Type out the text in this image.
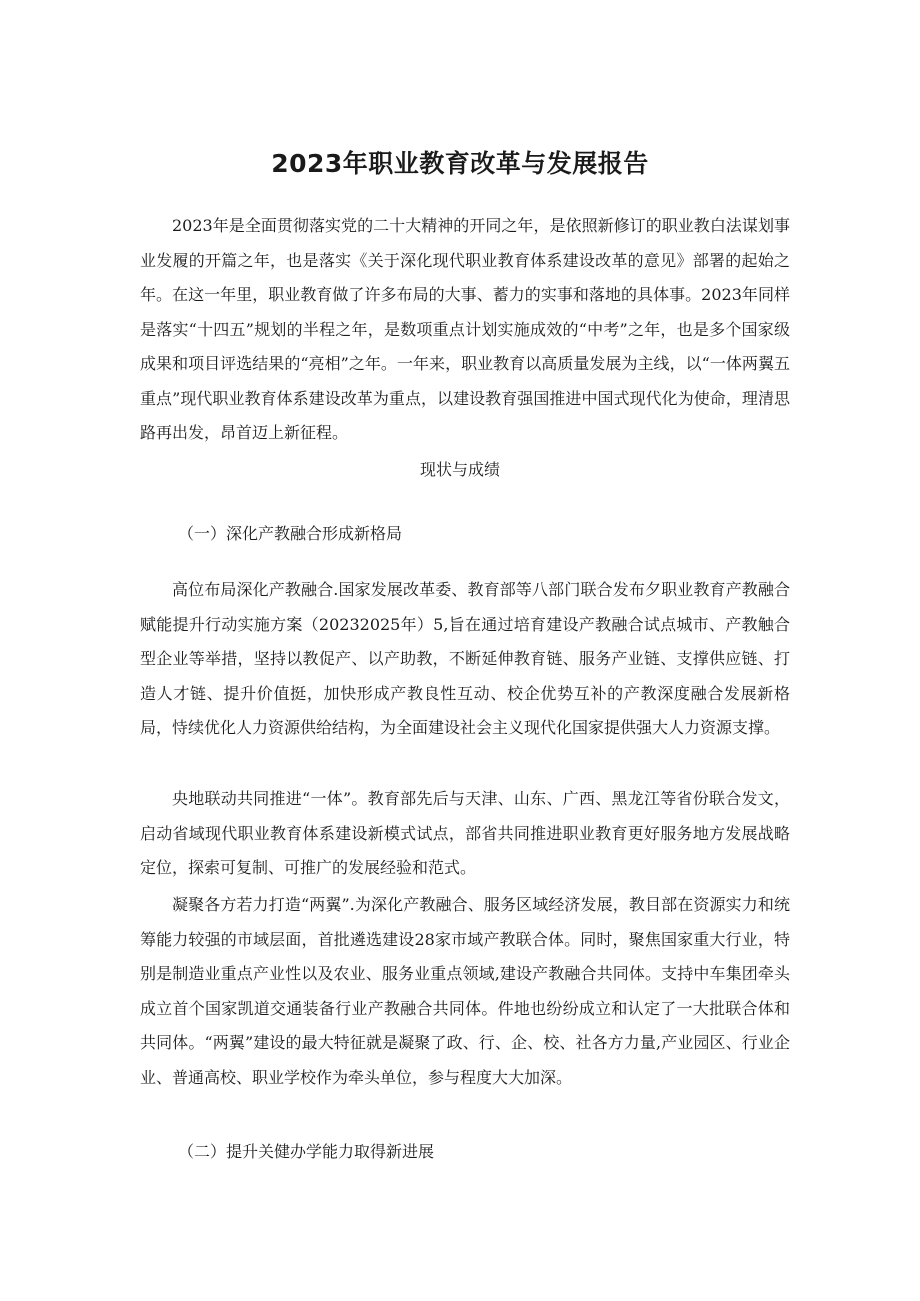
2023年职业教育改革与发展报告

2023年是全面贯彻落实党的二十大精神的开同之年，是依照新修订的职业教白法谋划事业发履的开篇之年，也是落实《关于深化现代职业教育体系建设改革的意见》部署的起始之年。在这一年里，职业教育做了许多布局的大事、蓄力的实事和落地的具体事。2023年同样是落实“十四五”规划的半程之年，是数项重点计划实施成效的“中考”之年，也是多个国家级成果和项目评选结果的“亮相”之年。一年来，职业教育以高质量发展为主线，以“一体两翼五重点”现代职业教育体系建设改革为重点，以建设教育强国推进中国式现代化为使命，理清思路再出发，昂首迈上新征程。

现状与成绩
（一）深化产教融合形成新格局

高位布局深化产教融合.国家发展改革委、教育部等八部门联合发布夕职业教育产教融合赋能提升行动实施方案（20232025年）5,旨在通过培育建设产教融合试点城市、产教触合型企业等举措，坚持以教促产、以产助教，不断延伸教育链、服务产业链、支撑供应链、打造人才链、提升价值挺，加快形成产教良性互动、校企优势互补的产教深度融合发展新格局，恃续优化人力资源供给结构，为全面建设社会主义现代化国家提供强大人力资源支撑。

央地联动共同推进“一体”。教育部先后与天津、山东、广西、黑龙江等省份联合发文，启动省域现代职业教育体系建设新模式试点，部省共同推进职业教育更好服务地方发展战略定位，探索可复制、可推广的发展经验和范式。

凝聚各方若力打造“两翼”.为深化产教融合、服务区域经济发展，教目部在资源实力和统筹能力较强的市域层面，首批遴选建设28家市域产教联合体。同时，聚焦国家重大行业，特别是制造业重点产业性以及农业、服务业重点领域,建设产教融合共同体。支持中车集团牵头成立首个国家凯道交通装备行业产教融合共同体。件地也纷纷成立和认定了一大批联合体和共同体。“两翼”建设的最大特征就是凝聚了政、行、企、校、社各方力量,产业园区、行业企业、普通高校、职业学校作为牵头单位，参与程度大大加深。

（二）提升关健办学能力取得新进展
